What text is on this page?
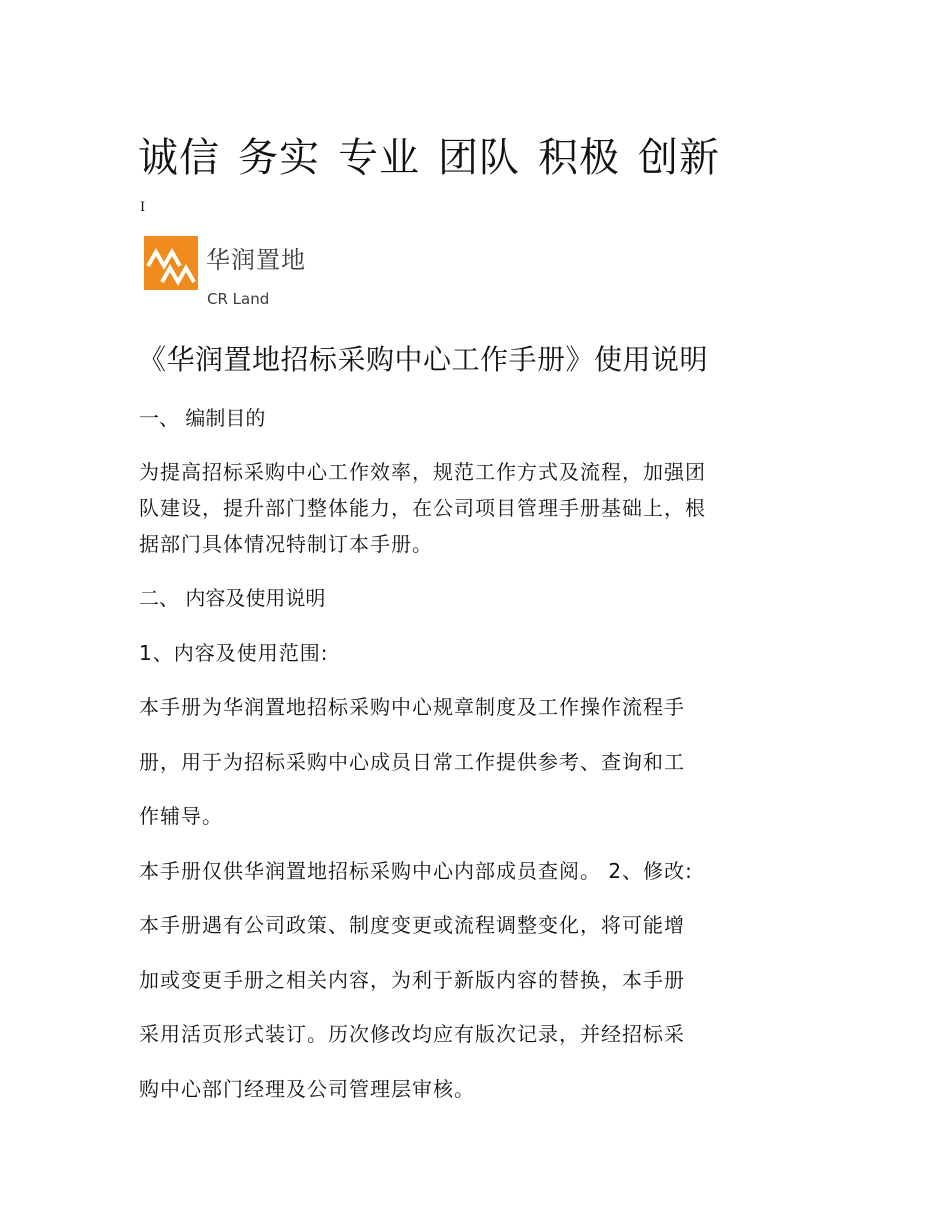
诚信 务实 专业 团队 积极 创新
I
华润置地
CR Land
《华润置地招标采购中心工作手册》使用说明
一、 编制目的
为提高招标采购中心工作效率，规范工作方式及流程，加强团
队建设，提升部门整体能力，在公司项目管理手册基础上，根
据部门具体情况特制订本手册。
二、 内容及使用说明
1、内容及使用范围:
本手册为华润置地招标采购中心规章制度及工作操作流程手
册，用于为招标采购中心成员日常工作提供参考、查询和工
作辅导。
本手册仅供华润置地招标采购中心内部成员查阅。 2、修改:
本手册遇有公司政策、制度变更或流程调整变化，将可能增
加或变更手册之相关内容，为利于新版内容的替换，本手册
采用活页形式装订。历次修改均应有版次记录，并经招标采
购中心部门经理及公司管理层审核。
